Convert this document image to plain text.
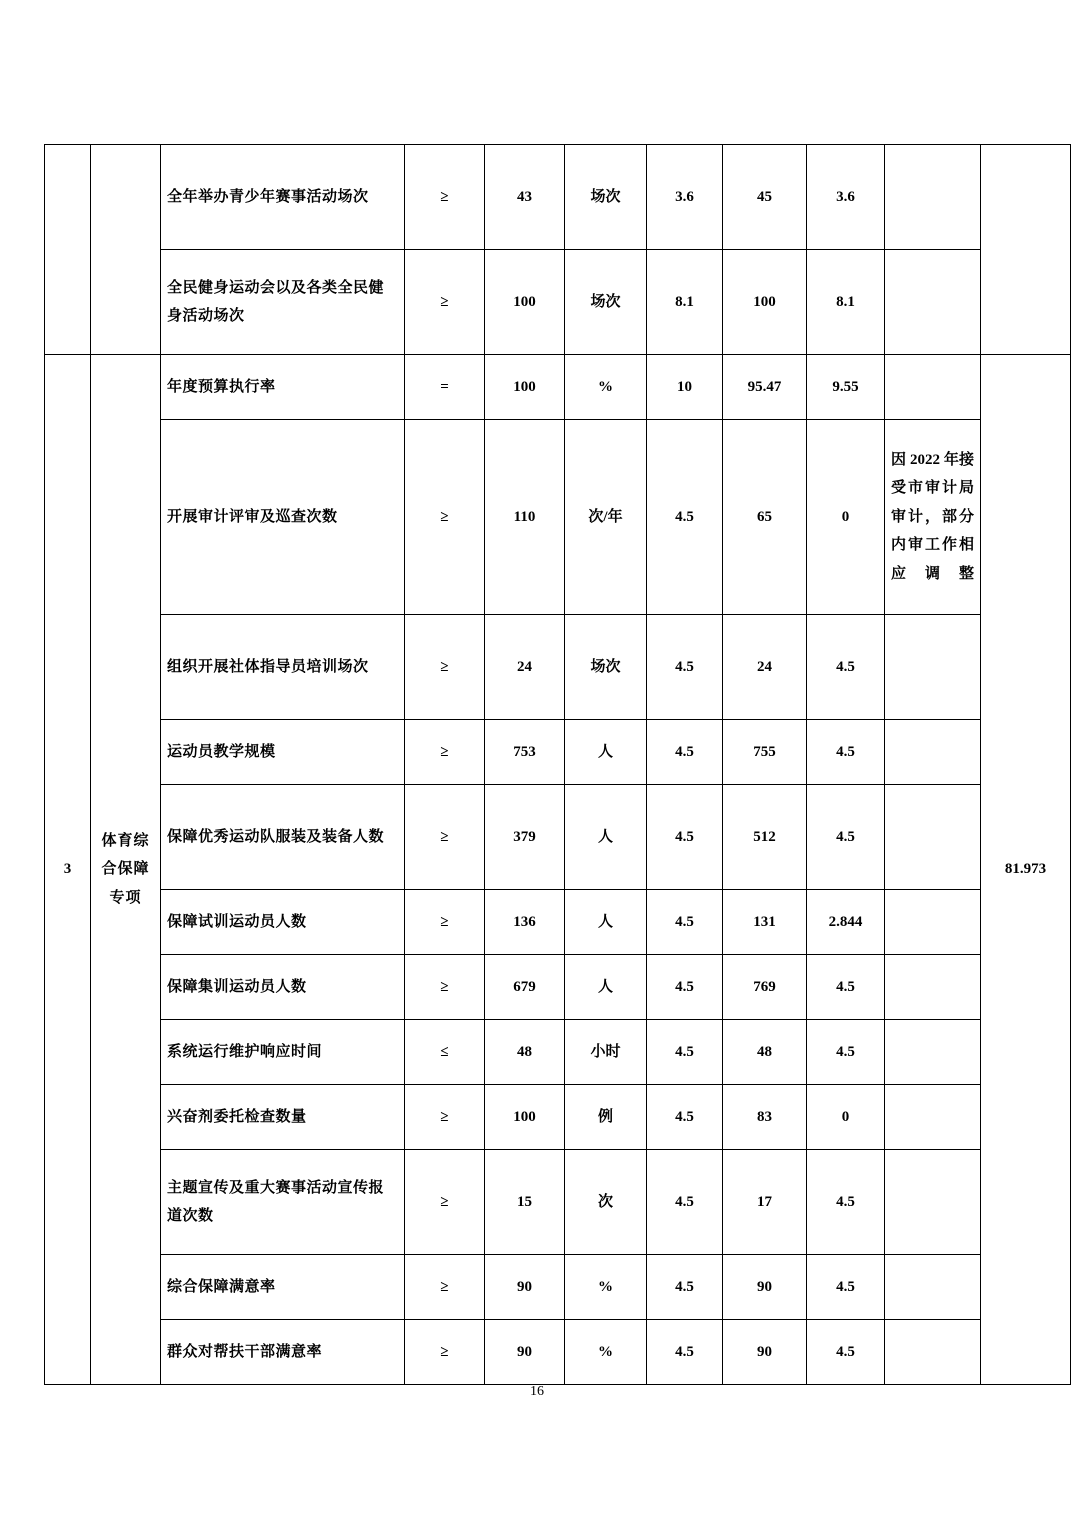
		全年举办青少年赛事活动场次	≥	43	场次	3.6	45	3.6		
		全民健身运动会以及各类全民健身活动场次	≥	100	场次	8.1	100	8.1		
3	体育综合保障专项	年度预算执行率	=	100	%	10	95.47	9.55		81.973
		开展审计评审及巡查次数	≥	110	次/年	4.5	65	0	因 2022 年接受市审计局审计，部分内审工作相应调整	
		组织开展社体指导员培训场次	≥	24	场次	4.5	24	4.5		
		运动员教学规模	≥	753	人	4.5	755	4.5		
		保障优秀运动队服装及装备人数	≥	379	人	4.5	512	4.5		
		保障试训运动员人数	≥	136	人	4.5	131	2.844		
		保障集训运动员人数	≥	679	人	4.5	769	4.5		
		系统运行维护响应时间	≤	48	小时	4.5	48	4.5		
		兴奋剂委托检查数量	≥	100	例	4.5	83	0		
		主题宣传及重大赛事活动宣传报道次数	≥	15	次	4.5	17	4.5		
		综合保障满意率	≥	90	%	4.5	90	4.5		
		群众对帮扶干部满意率	≥	90	%	4.5	90	4.5		
16
